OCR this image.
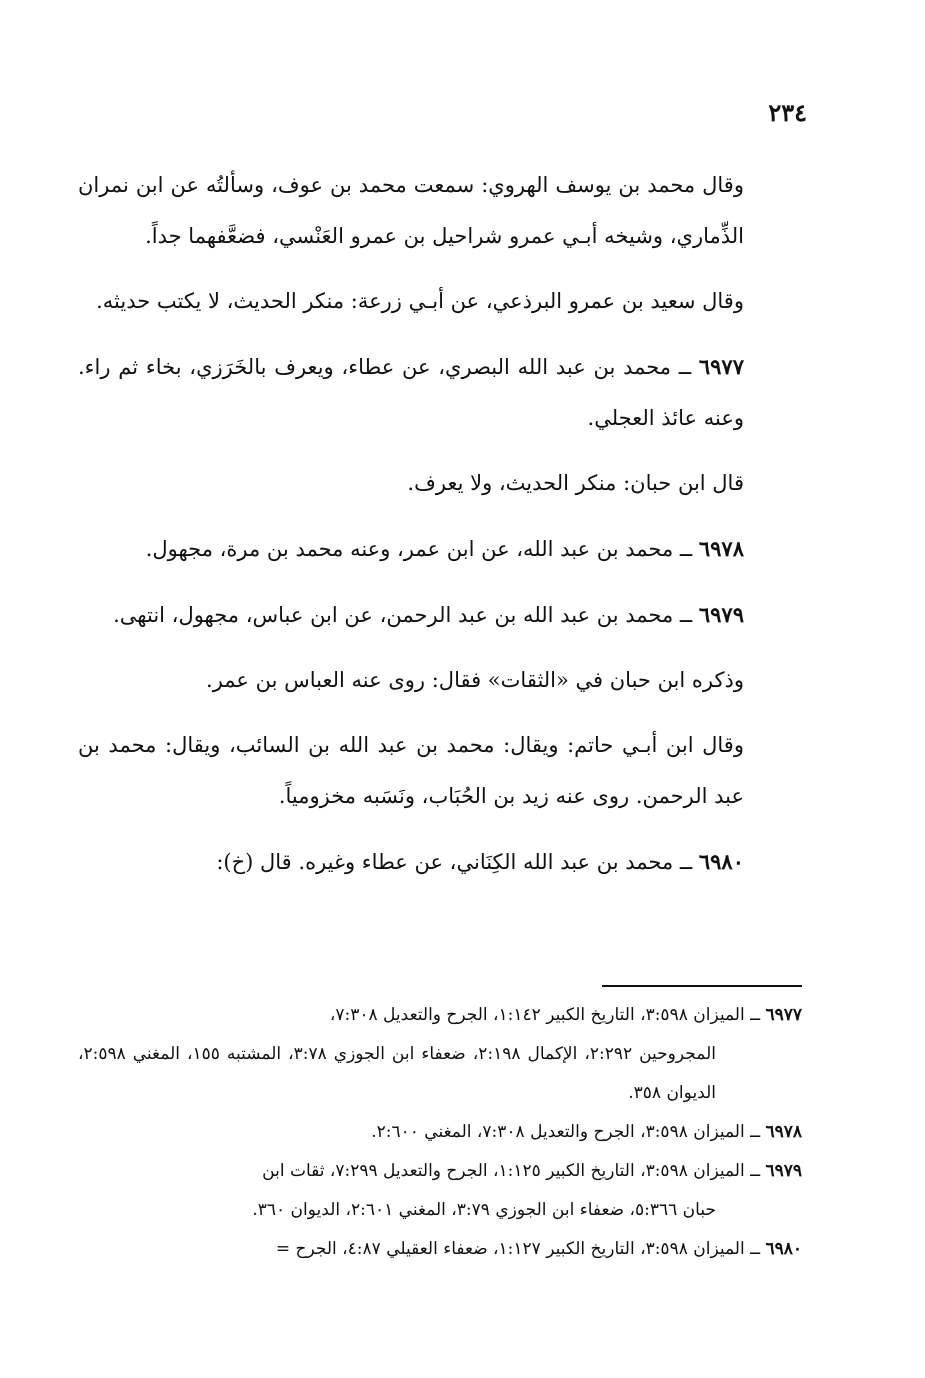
٢٣٤

وقال محمد بن يوسف الهروي: سمعت محمد بن عوف، وسألتُه عن ابن نمران الذِّماري، وشيخه أبـي عمرو شراحيل بن عمرو العَنْسي، فضعَّفهما جداً.

وقال سعيد بن عمرو البرذعي، عن أبـي زرعة: منكر الحديث، لا يكتب حديثه.

٦٩٧٧ ــ محمد بن عبد الله البصري، عن عطاء، ويعرف بالخَرَزي، بخاء ثم راء. وعنه عائذ العجلي.

قال ابن حبان: منكر الحديث، ولا يعرف.

٦٩٧٨ ــ محمد بن عبد الله، عن ابن عمر، وعنه محمد بن مرة، مجهول.

٦٩٧٩ ــ محمد بن عبد الله بن عبد الرحمن، عن ابن عباس، مجهول، انتهى.

وذكره ابن حبان في «الثقات» فقال: روى عنه العباس بن عمر.

وقال ابن أبـي حاتم: ويقال: محمد بن عبد الله بن السائب، ويقال: محمد بن عبد الرحمن. روى عنه زيد بن الحُبَاب، ونَسَبه مخزومياً.

٦٩٨٠ ــ محمد بن عبد الله الكِنَاني، عن عطاء وغيره. قال (خ):

٦٩٧٧ ــ الميزان ٣:٥٩٨، التاريخ الكبير ١:١٤٢، الجرح والتعديل ٧:٣٠٨،
المجروحين ٢:٢٩٢، الإكمال ٢:١٩٨، ضعفاء ابن الجوزي ٣:٧٨، المشتبه ١٥٥، المغني ٢:٥٩٨، الديوان ٣٥٨.
٦٩٧٨ ــ الميزان ٣:٥٩٨، الجرح والتعديل ٧:٣٠٨، المغني ٢:٦٠٠.
٦٩٧٩ ــ الميزان ٣:٥٩٨، التاريخ الكبير ١:١٢٥، الجرح والتعديل ٧:٢٩٩، ثقات ابن
حبان ٥:٣٦٦، ضعفاء ابن الجوزي ٣:٧٩، المغني ٢:٦٠١، الديوان ٣٦٠.
٦٩٨٠ ــ الميزان ٣:٥٩٨، التاريخ الكبير ١:١٢٧، ضعفاء العقيلي ٤:٨٧، الجرح =
